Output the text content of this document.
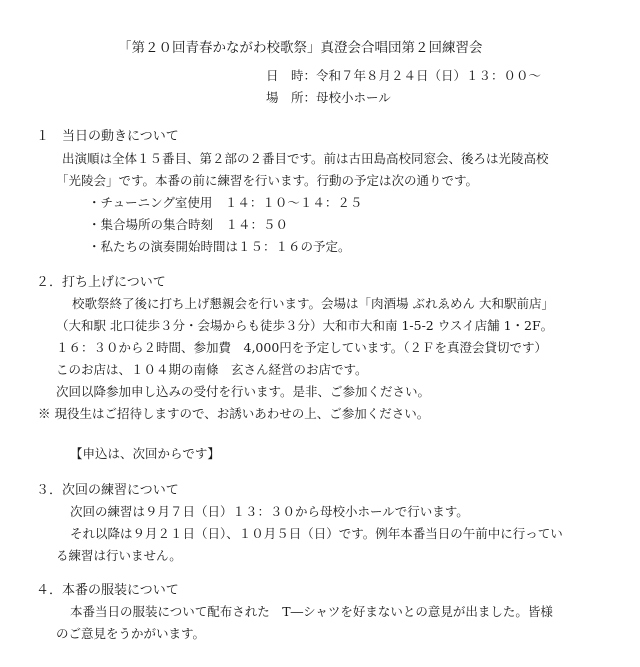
「第２０回青春かながわ校歌祭」真澄会合唱団第２回練習会
日　時：令和７年８月２４日（日）１３：００～
場　所：母校小ホール
１　当日の動きについて
出演順は全体１５番目、第２部の２番目です。前は古田島高校同窓会、後ろは光陵高校
「光陵会」です。本番の前に練習を行います。行動の予定は次の通りです。
・チューニング室使用　１４：１０～１４：２５
・集合場所の集合時刻　１４：５０
・私たちの演奏開始時間は１５：１６の予定。
２．打ち上げについて
校歌祭終了後に打ち上げ懇親会を行います。会場は「肉酒場 ぶれゑめん 大和駅前店」
（大和駅 北口徒歩３分・会場からも徒歩３分）大和市大和南 1-5-2 ウスイ店舗 1・2F。
１６：３０から２時間、参加費　4,000円を予定しています。（２Ｆを真澄会貸切です）
このお店は、１０４期の南條　玄さん経営のお店です。
次回以降参加申し込みの受付を行います。是非、ご参加ください。
※ 現役生はご招待しますので、お誘いあわせの上、ご参加ください。
【申込は、次回からです】
３．次回の練習について
次回の練習は９月７日（日）１３：３０から母校小ホールで行います。
それ以降は９月２１日（日）、１０月５日（日）です。例年本番当日の午前中に行ってい
る練習は行いません。
４．本番の服装について
本番当日の服装について配布された　T―シャツを好まないとの意見が出ました。皆様
のご意見をうかがいます。
